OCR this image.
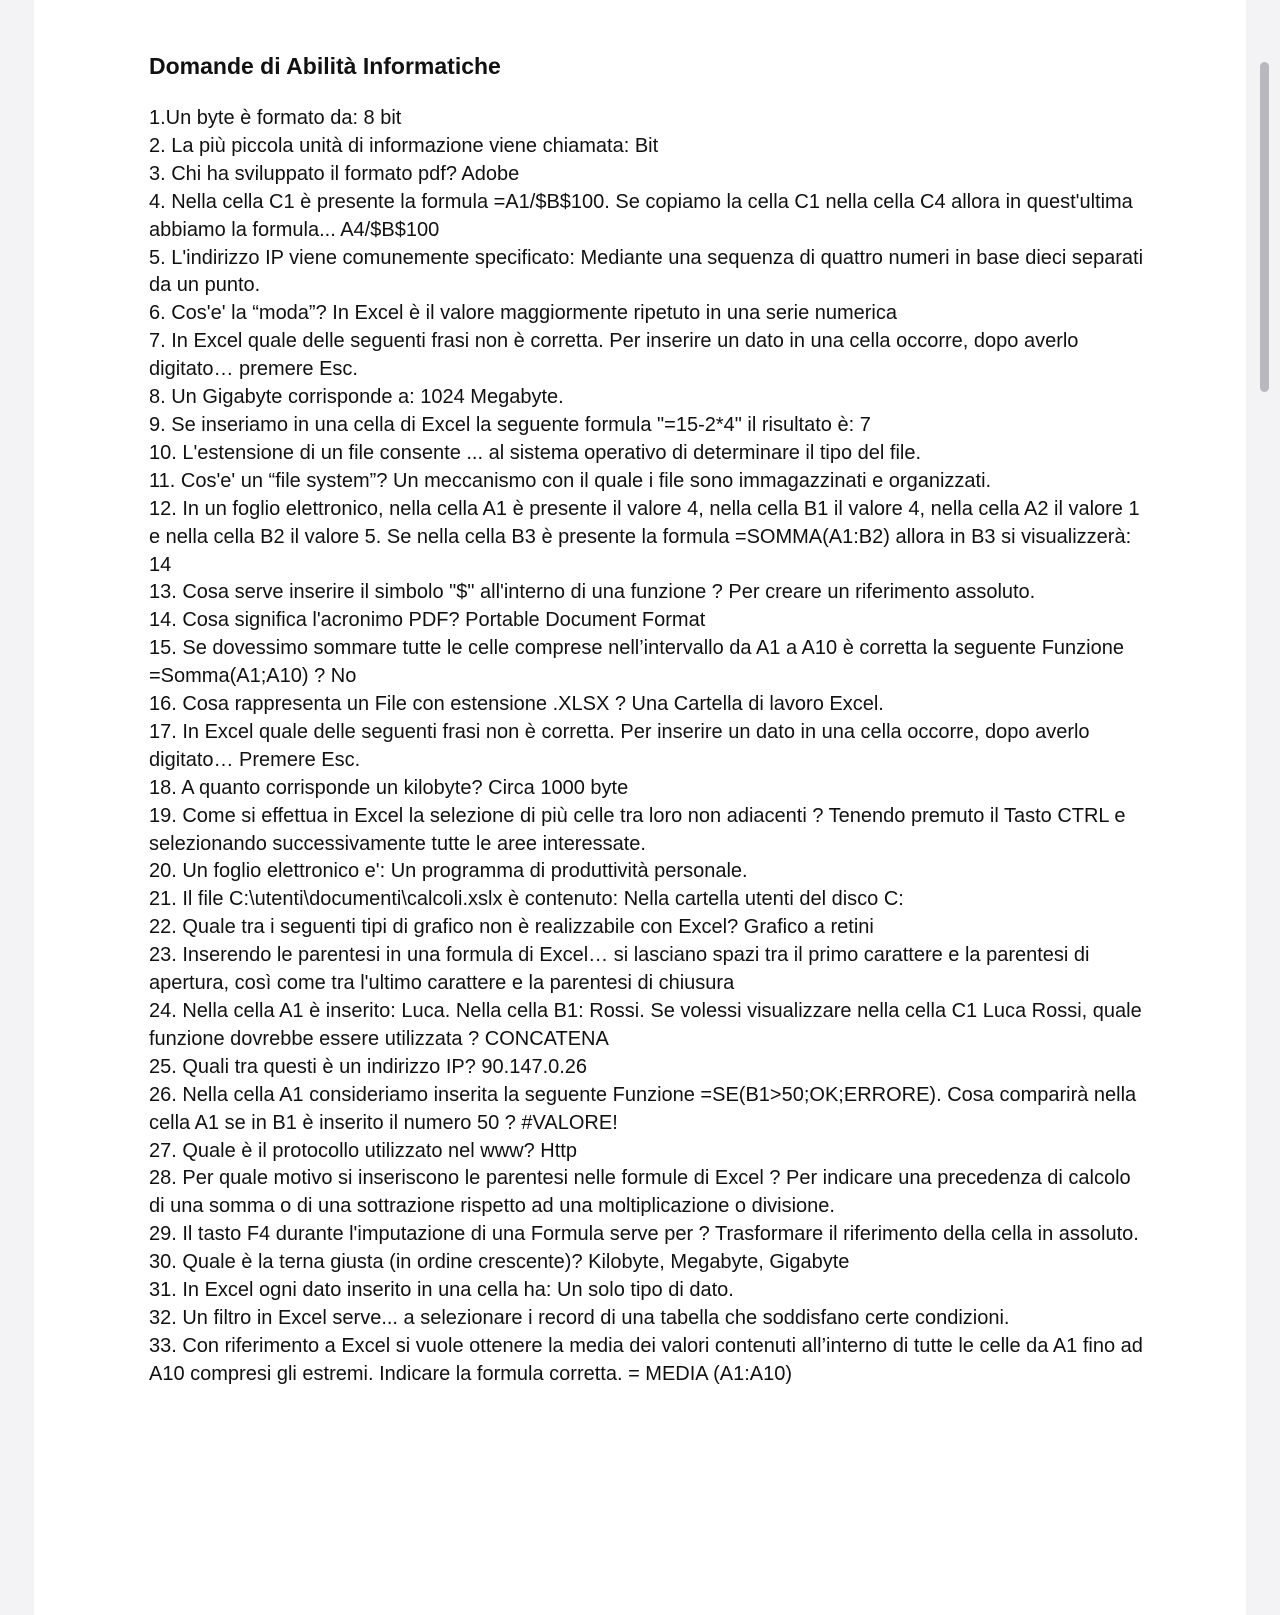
Domande di Abilità Informatiche
1.Un byte è formato da: 8 bit
2. La più piccola unità di informazione viene chiamata: Bit
3. Chi ha sviluppato il formato pdf? Adobe
4. Nella cella C1 è presente la formula =A1/$B$100. Se copiamo la cella C1 nella cella C4 allora in quest'ultima abbiamo la formula... A4/$B$100
5. L'indirizzo IP viene comunemente specificato: Mediante una sequenza di quattro numeri in base dieci separati da un punto.
6. Cos'e' la “moda”? In Excel è il valore maggiormente ripetuto in una serie numerica
7. In Excel quale delle seguenti frasi non è corretta. Per inserire un dato in una cella occorre, dopo averlo digitato… premere Esc.
8. Un Gigabyte corrisponde a: 1024 Megabyte.
9. Se inseriamo in una cella di Excel la seguente formula "=15-2*4" il risultato è: 7
10. L'estensione di un file consente ... al sistema operativo di determinare il tipo del file.
11. Cos'e' un “file system”? Un meccanismo con il quale i file sono immagazzinati e organizzati.
12. In un foglio elettronico, nella cella A1 è presente il valore 4, nella cella B1 il valore 4, nella cella A2 il valore 1 e nella cella B2 il valore 5. Se nella cella B3 è presente la formula =SOMMA(A1:B2) allora in B3 si visualizzerà: 14
13. Cosa serve inserire il simbolo "$" all'interno di una funzione ? Per creare un riferimento assoluto.
14. Cosa significa l'acronimo PDF? Portable Document Format
15. Se dovessimo sommare tutte le celle comprese nell’intervallo da A1 a A10 è corretta la seguente Funzione =Somma(A1;A10) ? No
16. Cosa rappresenta un File con estensione .XLSX ? Una Cartella di lavoro Excel.
17. In Excel quale delle seguenti frasi non è corretta. Per inserire un dato in una cella occorre, dopo averlo digitato… Premere Esc.
18. A quanto corrisponde un kilobyte? Circa 1000 byte
19. Come si effettua in Excel la selezione di più celle tra loro non adiacenti ? Tenendo premuto il Tasto CTRL e selezionando successivamente tutte le aree interessate.
20. Un foglio elettronico e': Un programma di produttività personale.
21. Il file C:\utenti\documenti\calcoli.xslx è contenuto: Nella cartella utenti del disco C:
22. Quale tra i seguenti tipi di grafico non è realizzabile con Excel? Grafico a retini
23. Inserendo le parentesi in una formula di Excel… si lasciano spazi tra il primo carattere e la parentesi di apertura, così come tra l'ultimo carattere e la parentesi di chiusura
24. Nella cella A1 è inserito: Luca. Nella cella B1: Rossi. Se volessi visualizzare nella cella C1 Luca Rossi, quale funzione dovrebbe essere utilizzata ? CONCATENA
25. Quali tra questi è un indirizzo IP? 90.147.0.26
26. Nella cella A1 consideriamo inserita la seguente Funzione =SE(B1>50;OK;ERRORE). Cosa comparirà nella cella A1 se in B1 è inserito il numero 50 ? #VALORE!
27. Quale è il protocollo utilizzato nel www? Http
28. Per quale motivo si inseriscono le parentesi nelle formule di Excel ? Per indicare una precedenza di calcolo di una somma o di una sottrazione rispetto ad una moltiplicazione o divisione.
29. Il tasto F4 durante l'imputazione di una Formula serve per ? Trasformare il riferimento della cella in assoluto.
30. Quale è la terna giusta (in ordine crescente)? Kilobyte, Megabyte, Gigabyte
31. In Excel ogni dato inserito in una cella ha: Un solo tipo di dato.
32. Un filtro in Excel serve... a selezionare i record di una tabella che soddisfano certe condizioni.
33. Con riferimento a Excel si vuole ottenere la media dei valori contenuti all’interno di tutte le celle da A1 fino ad A10 compresi gli estremi. Indicare la formula corretta. = MEDIA (A1:A10)
